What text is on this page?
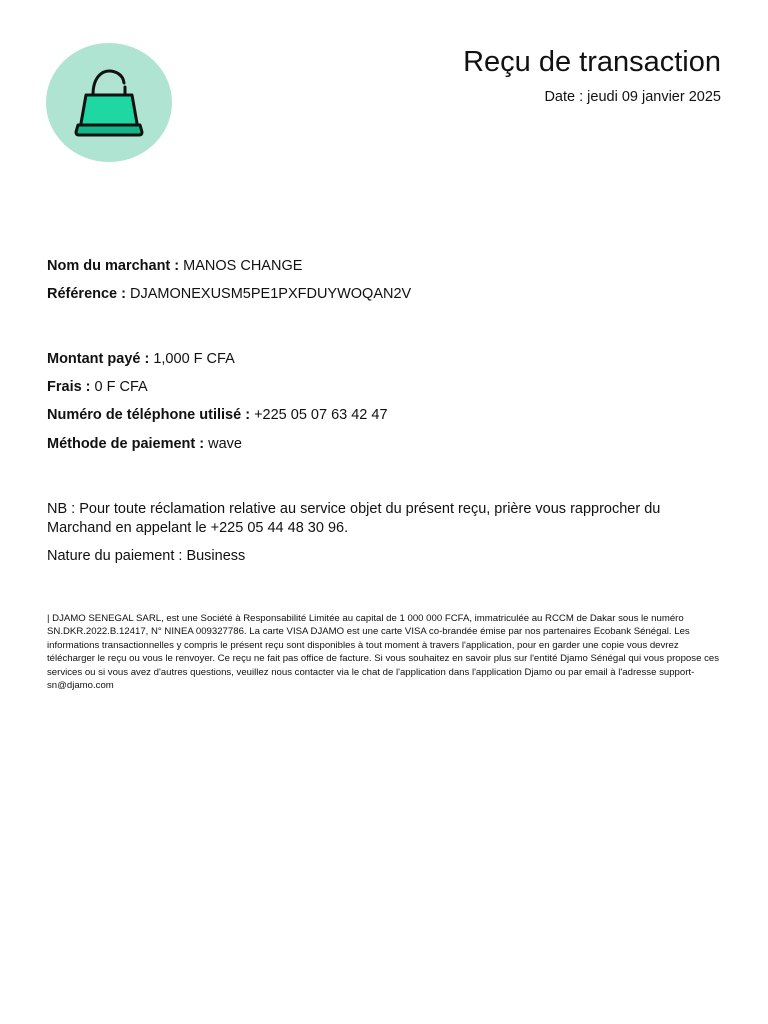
Reçu de transaction
Date : jeudi 09 janvier 2025
Nom du marchant : MANOS CHANGE
Référence : DJAMONEXUSM5PE1PXFDUYWOQAN2V
Montant payé : 1,000 F CFA
Frais : 0 F CFA
Numéro de téléphone utilisé : +225 05 07 63 42 47
Méthode de paiement : wave
NB : Pour toute réclamation relative au service objet du présent reçu, prière vous rapprocher du Marchand en appelant le +225 05 44 48 30 96.
Nature du paiement : Business
| DJAMO SENEGAL SARL, est une Société à Responsabilité Limitée au capital de 1 000 000 FCFA, immatriculée au RCCM de Dakar sous le numéro SN.DKR.2022.B.12417, N° NINEA 009327786. La carte VISA DJAMO est une carte VISA co-brandée émise par nos partenaires Ecobank Sénégal. Les informations transactionnelles y compris le présent reçu sont disponibles à tout moment à travers l'application, pour en garder une copie vous devrez télécharger le reçu ou vous le renvoyer. Ce reçu ne fait pas office de facture. Si vous souhaitez en savoir plus sur l'entité Djamo Sénégal qui vous propose ces services ou si vous avez d'autres questions, veuillez nous contacter via le chat de l'application dans l'application Djamo ou par email à l'adresse support-sn@djamo.com
